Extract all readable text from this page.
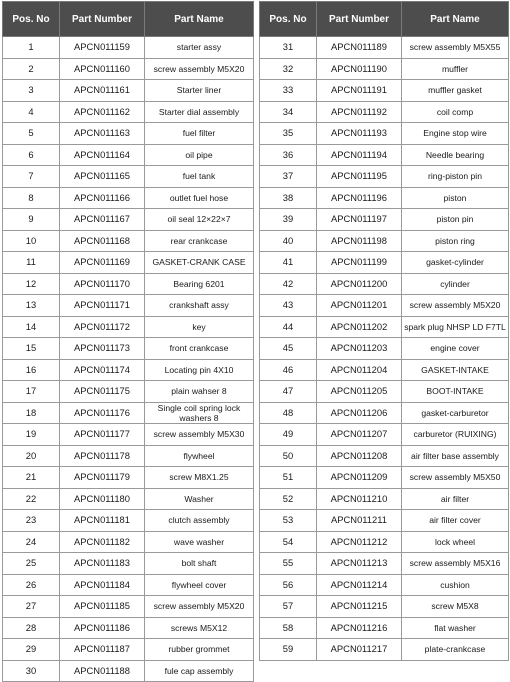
Pos. No	Part Number	Part Name
1	APCN011159	starter assy
2	APCN011160	screw assembly M5X20
3	APCN011161	Starter liner
4	APCN011162	Starter dial assembly
5	APCN011163	fuel filter
6	APCN011164	oil pipe
7	APCN011165	fuel tank
8	APCN011166	outlet fuel hose
9	APCN011167	oil seal 12×22×7
10	APCN011168	rear crankcase
11	APCN011169	GASKET-CRANK CASE
12	APCN011170	Bearing 6201
13	APCN011171	crankshaft assy
14	APCN011172	key
15	APCN011173	front crankcase
16	APCN011174	Locating pin 4X10
17	APCN011175	plain wahser 8
18	APCN011176	Single coil spring lock washers 8
19	APCN011177	screw assembly M5X30
20	APCN011178	flywheel
21	APCN011179	screw M8X1.25
22	APCN011180	Washer
23	APCN011181	clutch assembly
24	APCN011182	wave washer
25	APCN011183	bolt shaft
26	APCN011184	flywheel cover
27	APCN011185	screw assembly M5X20
28	APCN011186	screws M5X12
29	APCN011187	rubber grommet
30	APCN011188	fule cap assembly
Pos. No	Part Number	Part Name
31	APCN011189	screw assembly M5X55
32	APCN011190	muffler
33	APCN011191	muffler gasket
34	APCN011192	coil comp
35	APCN011193	Engine stop wire
36	APCN011194	Needle bearing
37	APCN011195	ring-piston pin
38	APCN011196	piston
39	APCN011197	piston pin
40	APCN011198	piston ring
41	APCN011199	gasket-cylinder
42	APCN011200	cylinder
43	APCN011201	screw assembly M5X20
44	APCN011202	spark plug NHSP LD F7TL
45	APCN011203	engine cover
46	APCN011204	GASKET-INTAKE
47	APCN011205	BOOT-INTAKE
48	APCN011206	gasket-carburetor
49	APCN011207	carburetor (RUIXING)
50	APCN011208	air filter base assembly
51	APCN011209	screw assembly M5X50
52	APCN011210	air filter
53	APCN011211	air filter cover
54	APCN011212	lock wheel
55	APCN011213	screw assembly M5X16
56	APCN011214	cushion
57	APCN011215	screw M5X8
58	APCN011216	flat washer
59	APCN011217	plate-crankcase
